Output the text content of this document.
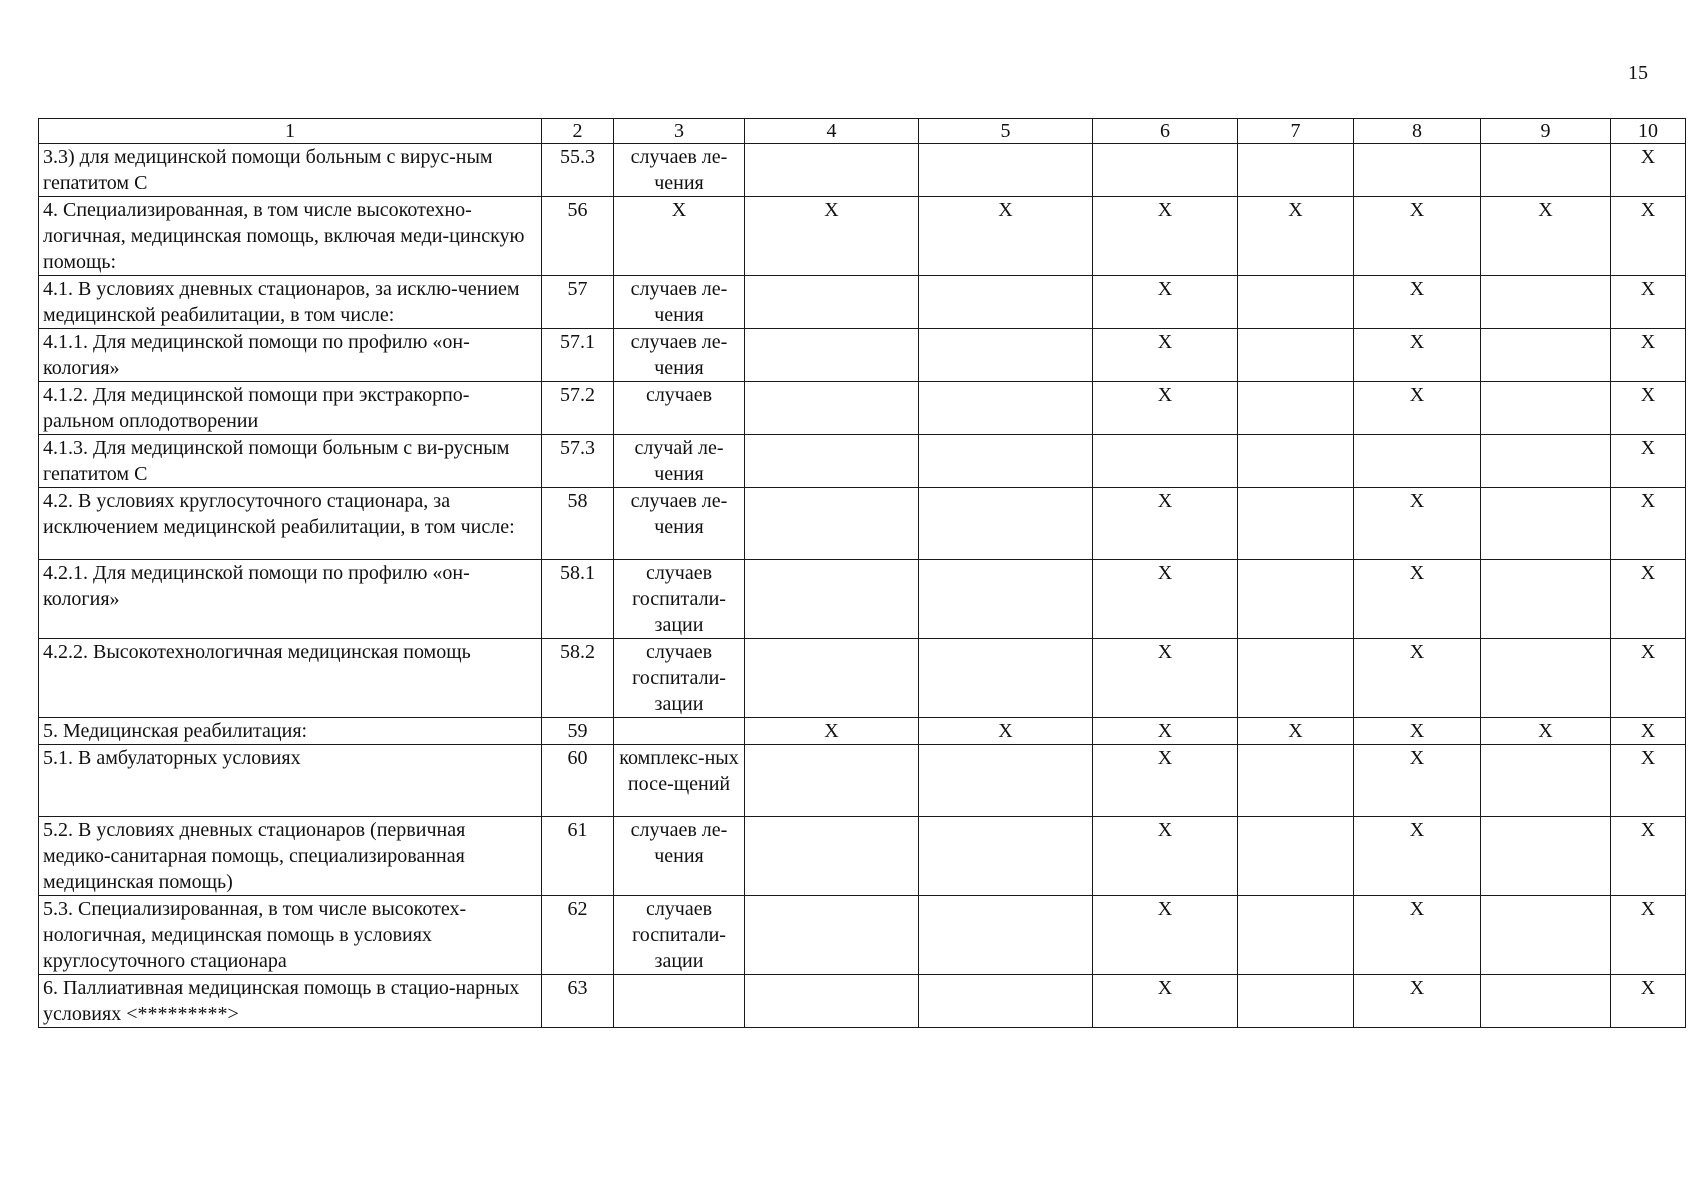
15
1	2	3	4	5	6	7	8	9	10
3.3) для медицинской помощи больным с вирус-ным гепатитом С	55.3	случаев ле-чения							X
4. Специализированная, в том числе высокотехно-логичная, медицинская помощь, включая меди-цинскую помощь:	56	X	X	X	X	X	X	X	X
4.1. В условиях дневных стационаров, за исклю-чением медицинской реабилитации, в том числе:	57	случаев ле-чения			X		X		X
4.1.1. Для медицинской помощи по профилю «он-кология»	57.1	случаев ле-чения			X		X		X
4.1.2. Для медицинской помощи при экстракорпо-ральном оплодотворении	57.2	случаев			X		X		X
4.1.3. Для медицинской помощи больным с ви-русным гепатитом С	57.3	случай ле-чения							X
4.2. В условиях круглосуточного стационара, за исключением медицинской реабилитации, в том числе:	58	случаев ле-чения			X		X		X
4.2.1. Для медицинской помощи по профилю «он-кология»	58.1	случаев госпитали-зации			X		X		X
4.2.2. Высокотехнологичная медицинская помощь	58.2	случаев госпитали-зации			X		X		X
5. Медицинская реабилитация:	59		X	X	X	X	X	X	X
5.1. В амбулаторных условиях	60	комплекс-ных посе-щений			X		X		X
5.2. В условиях дневных стационаров (первичная медико-санитарная помощь, специализированная медицинская помощь)	61	случаев ле-чения			X		X		X
5.3. Специализированная, в том числе высокотех-нологичная, медицинская помощь в условиях круглосуточного стационара	62	случаев госпитали-зации			X		X		X
6. Паллиативная медицинская помощь в стацио-нарных условиях <*********>	63				X		X		X
